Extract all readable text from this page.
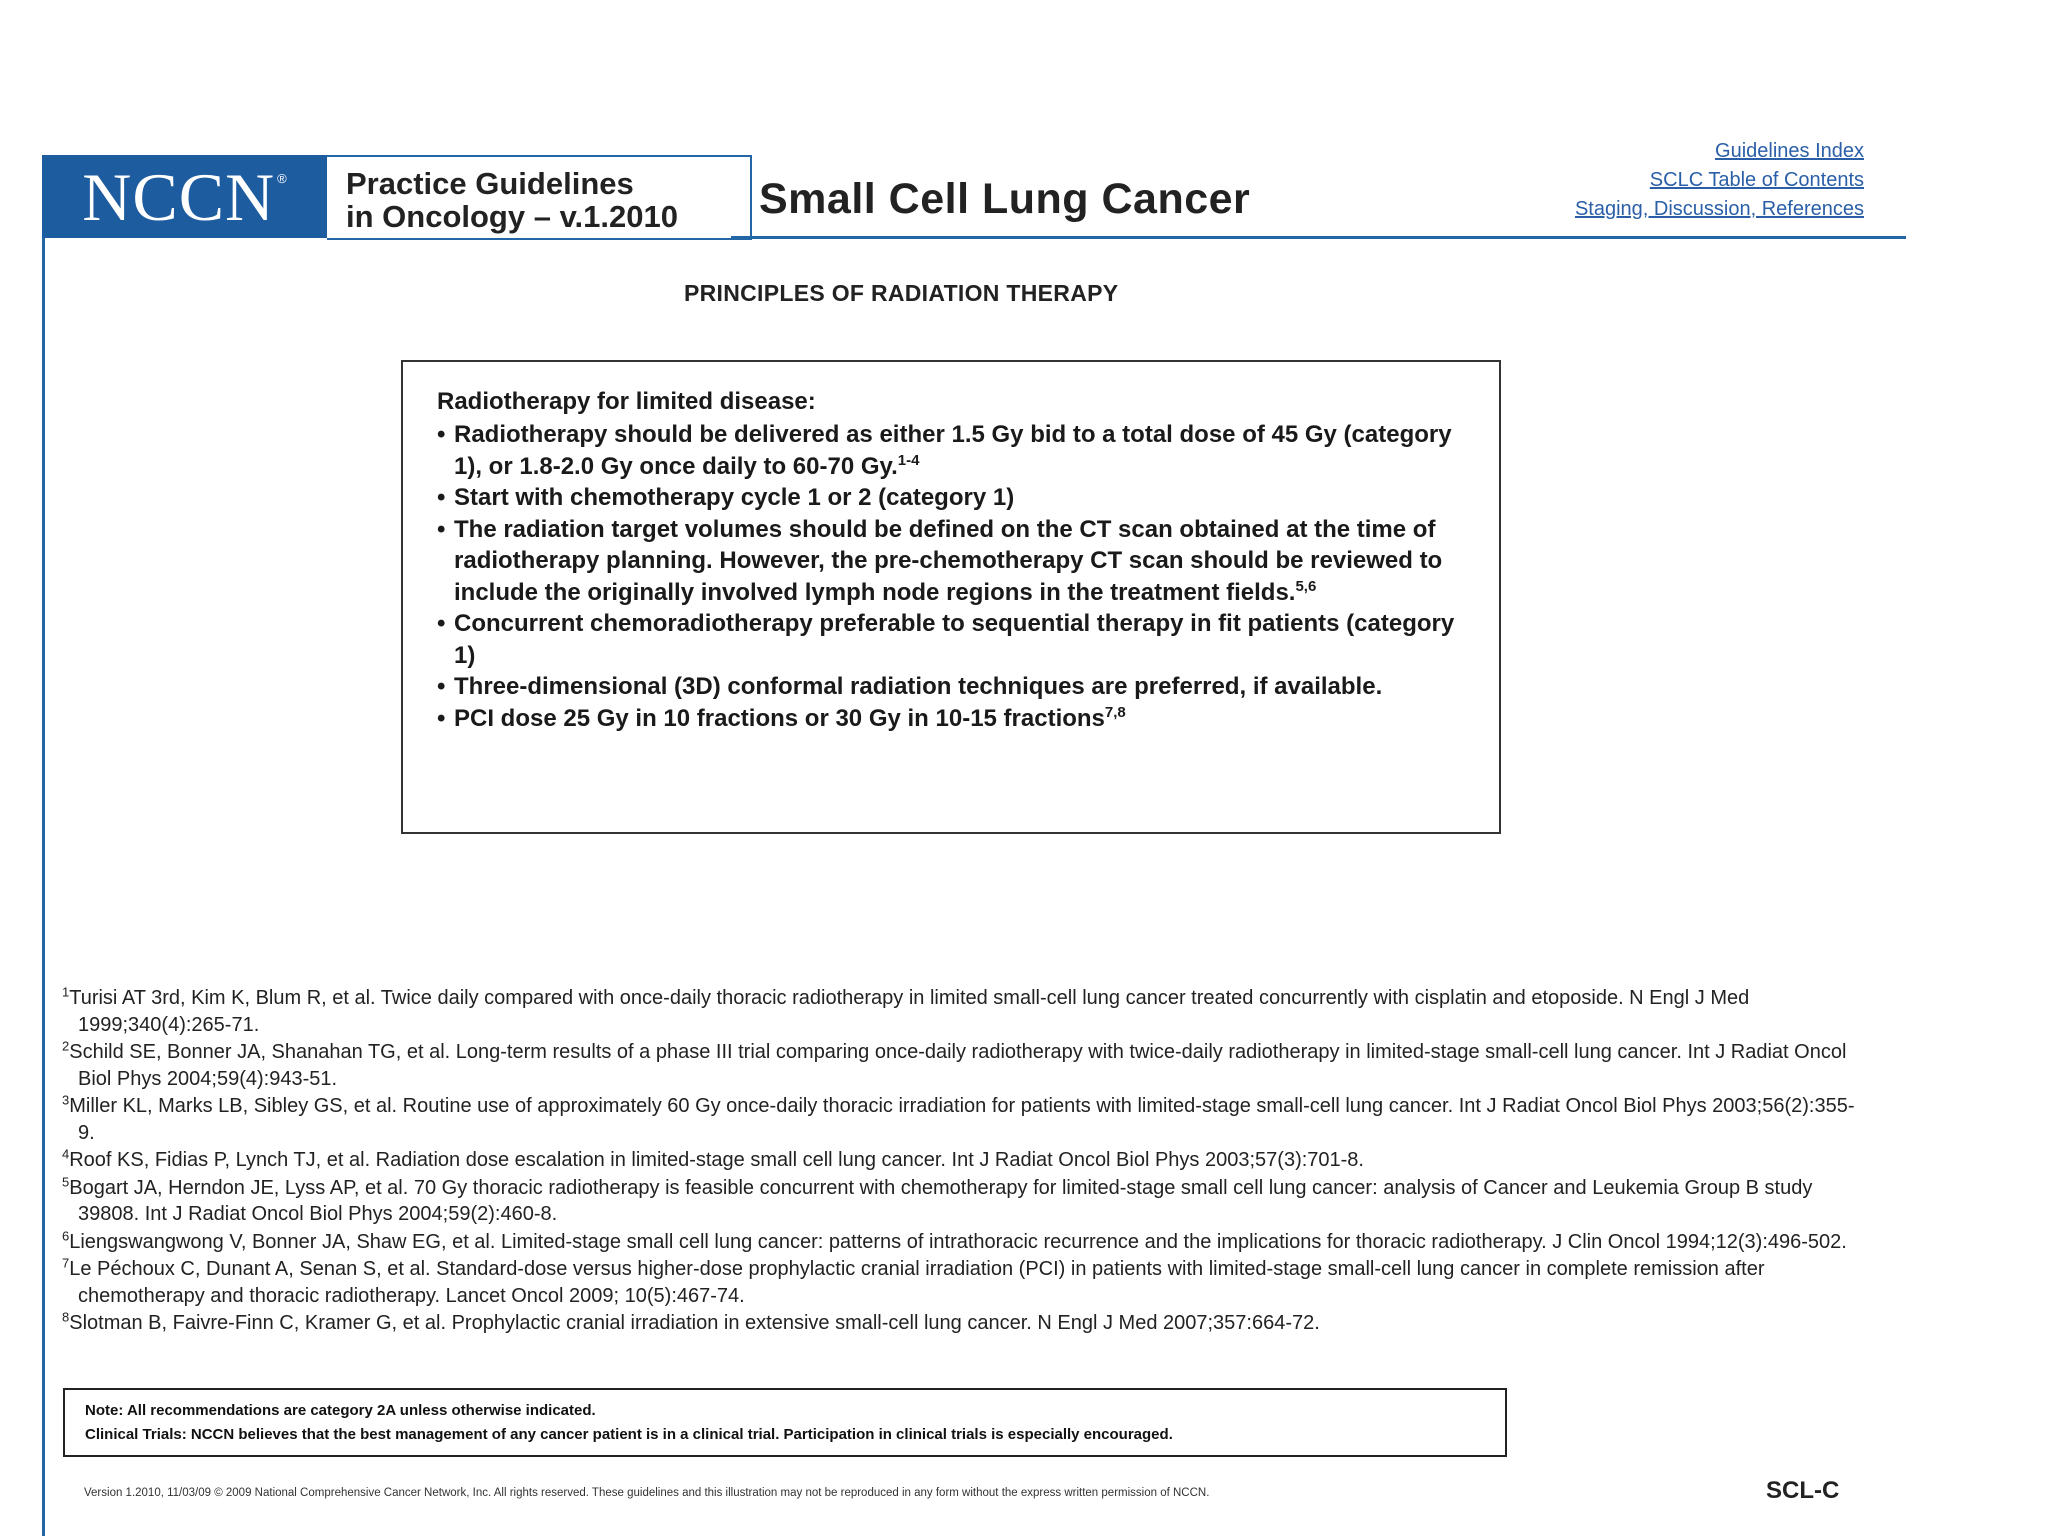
NCCN ® Practice Guidelines
in Oncology – v.1.2010	Small Cell Lung Cancer
Guidelines Index
SCLC Table of Contents
Staging, Discussion, References
PRINCIPLES OF RADIATION THERAPY
Radiotherapy for limited disease:
• Radiotherapy should be delivered as either 1.5 Gy bid to a total dose of 45 Gy (category 1), or 1.8-2.0 Gy once daily to 60-70 Gy.$^{1-4}$
• Start with chemotherapy cycle 1 or 2 (category 1)
• The radiation target volumes should be defined on the CT scan obtained at the time of radiotherapy planning. However, the pre-chemotherapy CT scan should be reviewed to include the originally involved lymph node regions in the treatment fields.$^{5,6}$
• Concurrent chemoradiotherapy preferable to sequential therapy in fit patients (category 1)
• Three-dimensional (3D) conformal radiation techniques are preferred, if available.
• PCI dose 25 Gy in 10 fractions or 30 Gy in 10-15 fractions$^{7,8}$
$^1$Turisi AT 3rd, Kim K, Blum R, et al. Twice daily compared with once-daily thoracic radiotherapy in limited small-cell lung cancer treated concurrently with cisplatin and etoposide. N Engl J Med 1999;340(4):265-71.
$^2$Schild SE, Bonner JA, Shanahan TG, et al. Long-term results of a phase III trial comparing once-daily radiotherapy with twice-daily radiotherapy in limited-stage small-cell lung cancer. Int J Radiat Oncol Biol Phys 2004;59(4):943-51.
$^3$Miller KL, Marks LB, Sibley GS, et al. Routine use of approximately 60 Gy once-daily thoracic irradiation for patients with limited-stage small-cell lung cancer. Int J Radiat Oncol Biol Phys 2003;56(2):355-9.
$^4$Roof KS, Fidias P, Lynch TJ, et al. Radiation dose escalation in limited-stage small cell lung cancer. Int J Radiat Oncol Biol Phys 2003;57(3):701-8.
$^5$Bogart JA, Herndon JE, Lyss AP, et al. 70 Gy thoracic radiotherapy is feasible concurrent with chemotherapy for limited-stage small cell lung cancer: analysis of Cancer and Leukemia Group B study 39808. Int J Radiat Oncol Biol Phys 2004;59(2):460-8.
$^6$Liengswangwong V, Bonner JA, Shaw EG, et al. Limited-stage small cell lung cancer: patterns of intrathoracic recurrence and the implications for thoracic radiotherapy. J Clin Oncol 1994;12(3):496-502.
$^7$Le Péchoux C, Dunant A, Senan S, et al. Standard-dose versus higher-dose prophylactic cranial irradiation (PCI) in patients with limited-stage small-cell lung cancer in complete remission after chemotherapy and thoracic radiotherapy. Lancet Oncol 2009; 10(5):467-74.
$^8$Slotman B, Faivre-Finn C, Kramer G, et al. Prophylactic cranial irradiation in extensive small-cell lung cancer. N Engl J Med 2007;357:664-72.
Note: All recommendations are category 2A unless otherwise indicated.
Clinical Trials: NCCN believes that the best management of any cancer patient is in a clinical trial. Participation in clinical trials is especially encouraged.
Version 1.2010, 11/03/09 © 2009 National Comprehensive Cancer Network, Inc. All rights reserved. These guidelines and this illustration may not be reproduced in any form without the express written permission of NCCN.	SCL-C
